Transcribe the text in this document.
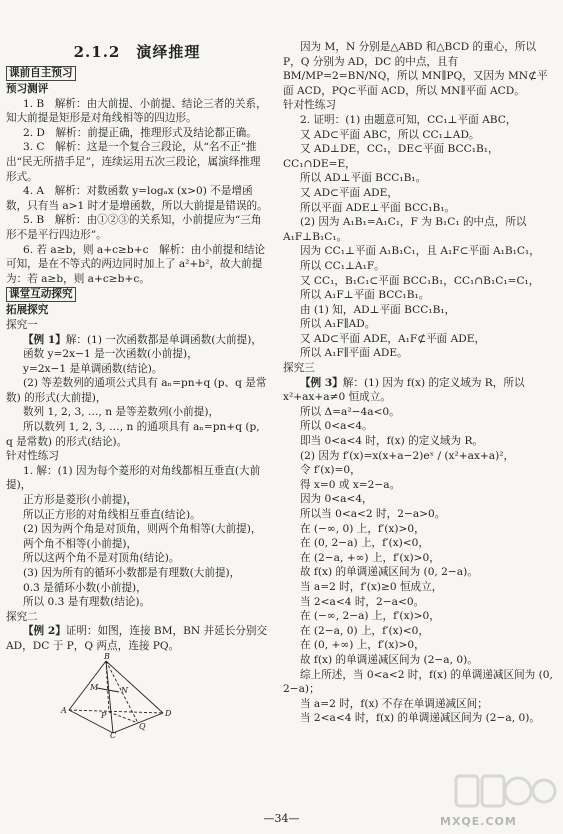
2.1.2　演绎推理
课前自主预习
预习测评

1. B　解析：由大前提、小前提、结论三者的关系，知大前提是矩形是对角线相等的四边形。

2. D　解析：前提正确，推理形式及结论都正确。

3. C　解析：这是一个复合三段论，从“名不正”推出“民无所措手足”，连续运用五次三段论，属演绎推理形式。

4. A　解析：对数函数 y=logₐx (x>0) 不是增函数，只有当 a>1 时才是增函数，所以大前提是错误的。

5. B　解析：由①②③的关系知，小前提应为“三角形不是平行四边形”。

6. 若 a≥b，则 a+c≥b+c　解析：由小前提和结论可知，是在不等式的两边同时加上了 a²+b²，故大前提为：若 a≥b，则 a+c≥b+c。

课堂互动探究
拓展探究
探究一

【例 1】解：(1) 一次函数都是单调函数(大前提)，

函数 y=2x−1 是一次函数(小前提)，

y=2x−1 是单调函数(结论)。

(2) 等差数列的通项公式具有 aₙ=pn+q (p、q 是常数) 的形式(大前提)，

数列 1, 2, 3, …, n 是等差数列(小前提)，

所以数列 1, 2, 3, …, n 的通项具有 aₙ=pn+q (p, q 是常数) 的形式(结论)。

针对性练习

1. 解：(1) 因为每个菱形的对角线都相互垂直(大前提)，

正方形是菱形(小前提)，

所以正方形的对角线相互垂直(结论)。

(2) 因为两个角是对顶角，则两个角相等(大前提)，

两个角不相等(小前提)，

所以这两个角不是对顶角(结论)。

(3) 因为所有的循环小数都是有理数(大前提)，

0.3̇ 是循环小数(小前提)，

所以 0.3̇ 是有理数(结论)。

探究二

【例 2】证明：如图，连接 BM，BN 并延长分别交 AD，DC 于 P，Q 两点，连接 PQ。

B
M	N
A
P
Q
D
C

因为 M，N 分别是△ABD 和△BCD 的重心，所以 P，Q 分别为 AD，DC 的中点，且有 BM/MP=2=BN/NQ，所以 MN∥PQ，又因为 MN⊄平面 ACD，PQ⊂平面 ACD，所以 MN∥平面 ACD。

针对性练习

2. 证明：(1) 由题意可知，CC₁⊥平面 ABC，

又 AD⊂平面 ABC，所以 CC₁⊥AD。

又 AD⊥DE，CC₁，DE⊂平面 BCC₁B₁，CC₁∩DE=E，

所以 AD⊥平面 BCC₁B₁。

又 AD⊂平面 ADE，

所以平面 ADE⊥平面 BCC₁B₁。

(2) 因为 A₁B₁=A₁C₁，F 为 B₁C₁ 的中点，所以 A₁F⊥B₁C₁。

因为 CC₁⊥平面 A₁B₁C₁，且 A₁F⊂平面 A₁B₁C₁，

所以 CC₁⊥A₁F。

又 CC₁，B₁C₁⊂平面 BCC₁B₁，CC₁∩B₁C₁=C₁，

所以 A₁F⊥平面 BCC₁B₁。

由 (1) 知，AD⊥平面 BCC₁B₁，

所以 A₁F∥AD。

又 AD⊂平面 ADE，A₁F⊄平面 ADE，

所以 A₁F∥平面 ADE。

探究三

【例 3】解：(1) 因为 f(x) 的定义域为 R，所以 x²+ax+a≠0 恒成立。

所以 Δ=a²−4a<0。

所以 0<a<4。

即当 0<a<4 时，f(x) 的定义域为 R。

(2) 因为 f′(x)=x(x+a−2)eˣ / (x²+ax+a)²，

令 f′(x)=0，

得 x=0 或 x=2−a。

因为 0<a<4，

所以当 0<a<2 时，2−a>0。

在 (−∞, 0) 上，f′(x)>0，

在 (0, 2−a) 上，f′(x)<0，

在 (2−a, +∞) 上，f′(x)>0，

故 f(x) 的单调递减区间为 (0, 2−a)。

当 a=2 时，f′(x)≥0 恒成立，

当 2<a<4 时，2−a<0。

在 (−∞, 2−a) 上，f′(x)>0，

在 (2−a, 0) 上，f′(x)<0，

在 (0, +∞) 上，f′(x)>0，

故 f(x) 的单调递减区间为 (2−a, 0)。

综上所述，当 0<a<2 时，f(x) 的单调递减区间为 (0, 2−a)；

当 a=2 时，f(x) 不存在单调递减区间；

当 2<a<4 时，f(x) 的单调递减区间为 (2−a, 0)。

—34—	MXQE.COM
